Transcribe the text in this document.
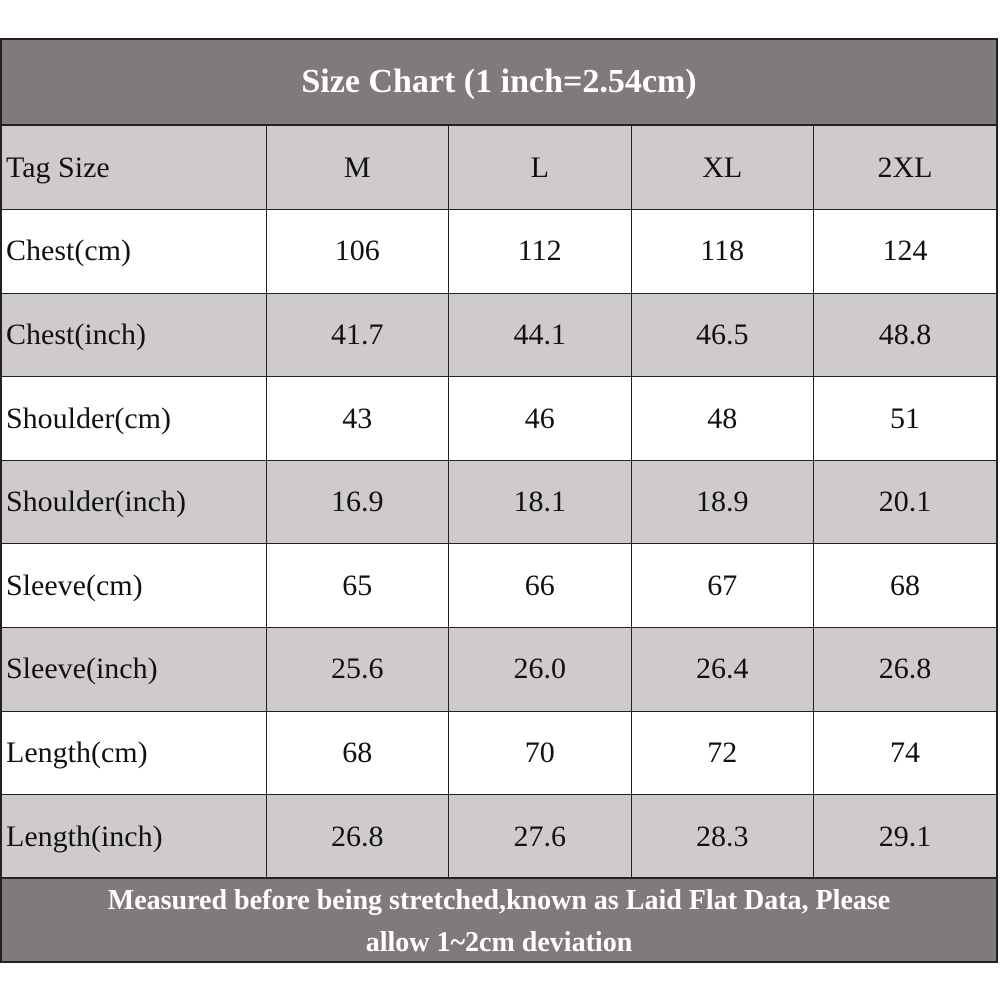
Size Chart (1 inch=2.54cm)
Tag Size	M	L	XL	2XL
Chest(cm)	106	112	118	124
Chest(inch)	41.7	44.1	46.5	48.8
Shoulder(cm)	43	46	48	51
Shoulder(inch)	16.9	18.1	18.9	20.1
Sleeve(cm)	65	66	67	68
Sleeve(inch)	25.6	26.0	26.4	26.8
Length(cm)	68	70	72	74
Length(inch)	26.8	27.6	28.3	29.1
Measured before being stretched,known as Laid Flat Data, Please
allow 1~2cm deviation
